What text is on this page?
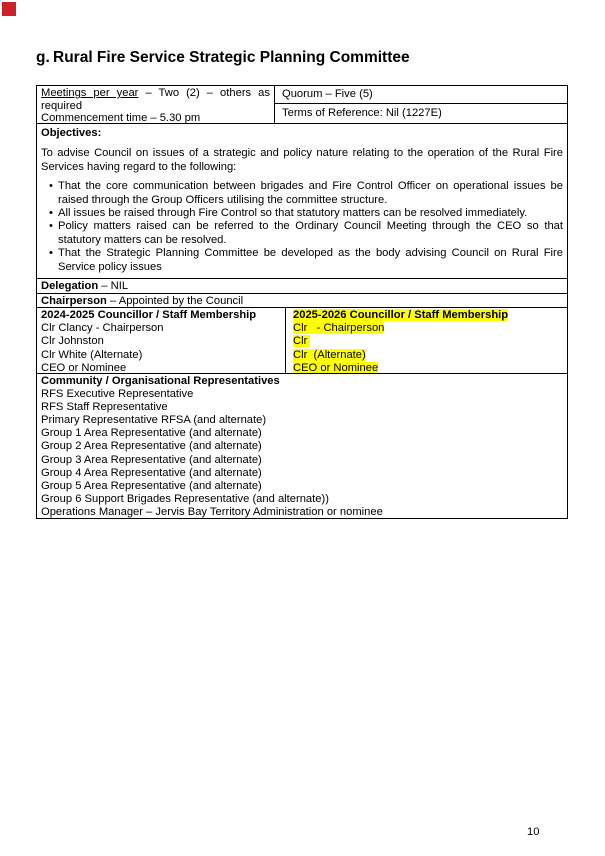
g. Rural Fire Service Strategic Planning Committee
Meetings per year – Two (2) – others as required
Commencement time – 5.30 pm
Quorum – Five (5)
Terms of Reference: Nil (1227E)
Objectives:
To advise Council on issues of a strategic and policy nature relating to the operation of the Rural Fire Services having regard to the following:
• That the core communication between brigades and Fire Control Officer on operational issues be raised through the Group Officers utilising the committee structure.
• All issues be raised through Fire Control so that statutory matters can be resolved immediately.
• Policy matters raised can be referred to the Ordinary Council Meeting through the CEO so that statutory matters can be resolved.
• That the Strategic Planning Committee be developed as the body advising Council on Rural Fire Service policy issues
Delegation – NIL
Chairperson – Appointed by the Council
2024-2025 Councillor / Staff Membership
Clr Clancy - Chairperson
Clr Johnston
Clr White (Alternate)
CEO or Nominee
2025-2026 Councillor / Staff Membership
Clr   - Chairperson
Clr
Clr  (Alternate)
CEO or Nominee
Community / Organisational Representatives
RFS Executive Representative
RFS Staff Representative
Primary Representative RFSA (and alternate)
Group 1 Area Representative (and alternate)
Group 2 Area Representative (and alternate)
Group 3 Area Representative (and alternate)
Group 4 Area Representative (and alternate)
Group 5 Area Representative (and alternate)
Group 6 Support Brigades Representative (and alternate))
Operations Manager – Jervis Bay Territory Administration or nominee
10
